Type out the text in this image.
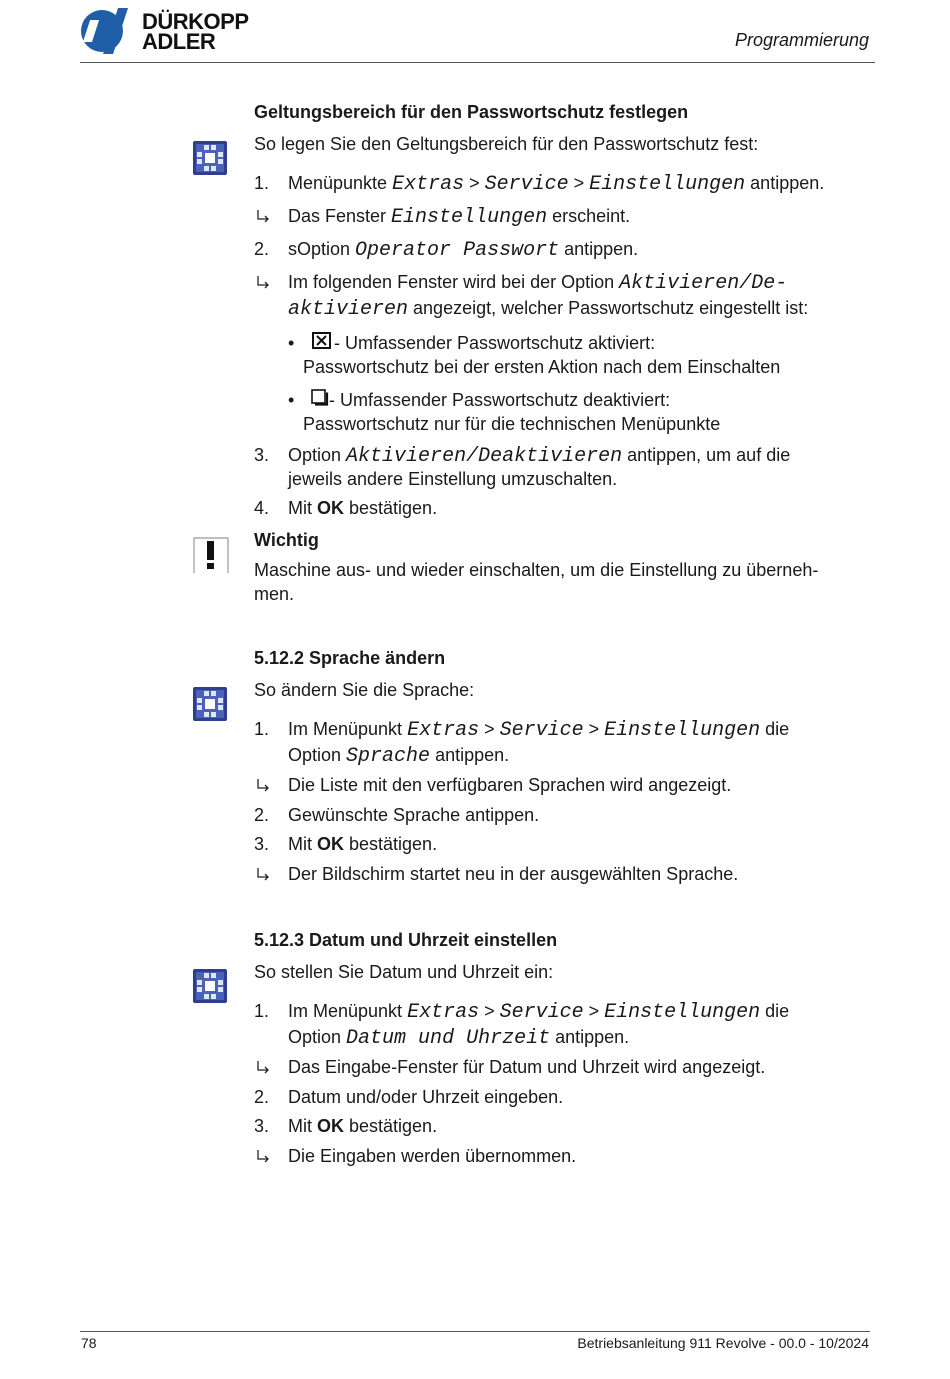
DÜRKOPP
ADLER	Programmierung
Geltungsbereich für den Passwortschutz festlegen
So legen Sie den Geltungsbereich für den Passwortschutz fest:
1. Menüpunkte Extras > Service > Einstellungen antippen.
Das Fenster Einstellungen erscheint.
2. sOption Operator Passwort antippen.
Im folgenden Fenster wird bei der Option Aktivieren/De-
aktivieren angezeigt, welcher Passwortschutz eingestellt ist:
• - Umfassender Passwortschutz aktiviert:
Passwortschutz bei der ersten Aktion nach dem Einschalten
• - Umfassender Passwortschutz deaktiviert:
Passwortschutz nur für die technischen Menüpunkte
3. Option Aktivieren/Deaktivieren antippen, um auf die
jeweils andere Einstellung umzuschalten.
4. Mit OK bestätigen.
Wichtig
Maschine aus- und wieder einschalten, um die Einstellung zu überneh-
men.
5.12.2 Sprache ändern
So ändern Sie die Sprache:
1. Im Menüpunkt Extras > Service > Einstellungen die
Option Sprache antippen.
Die Liste mit den verfügbaren Sprachen wird angezeigt.
2. Gewünschte Sprache antippen.
3. Mit OK bestätigen.
Der Bildschirm startet neu in der ausgewählten Sprache.
5.12.3 Datum und Uhrzeit einstellen
So stellen Sie Datum und Uhrzeit ein:
1. Im Menüpunkt Extras > Service > Einstellungen die
Option Datum und Uhrzeit antippen.
Das Eingabe-Fenster für Datum und Uhrzeit wird angezeigt.
2. Datum und/oder Uhrzeit eingeben.
3. Mit OK bestätigen.
Die Eingaben werden übernommen.
78	Betriebsanleitung 911 Revolve - 00.0 - 10/2024
